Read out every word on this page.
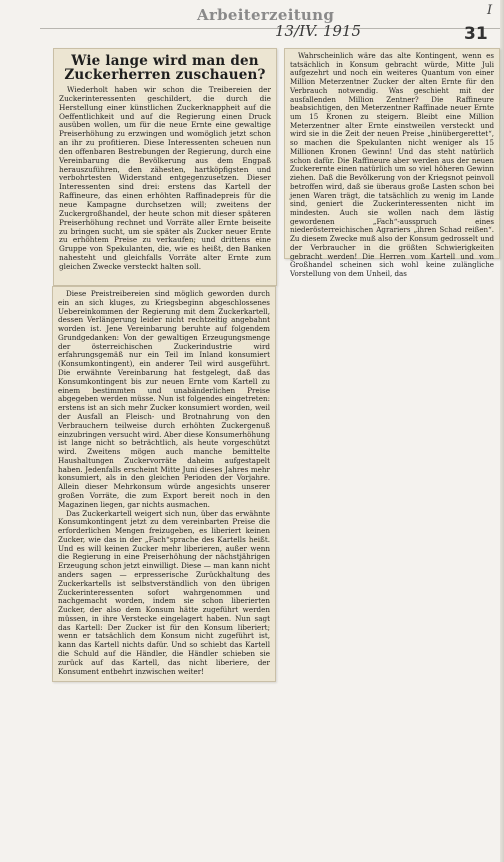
Arbeiterzeitung
13/IV. 1915	31
I
Wie lange wird man den
Zuckerherren zuschauen?

Wiederholt haben wir schon die Treibereien der Zuckerinteressenten geschildert, die durch die Herstellung einer künstlichen Zuckerknappheit auf die Oeffentlichkeit und auf die Regierung einen Druck ausüben wollen, um für die neue Ernte eine gewaltige Preiserhöhung zu erzwingen und womöglich jetzt schon an ihr zu profitieren. Diese Interessenten scheuen nun den offenbaren Bestrebungen der Regierung, durch eine Vereinbarung die Bevölkerung aus dem Engpaß herauszuführen, den zähesten, hartköpfigsten und verbohrtesten Widerstand entgegenzusetzen. Dieser Interessenten sind drei: erstens das Kartell der Raffineure, das einen erhöhten Raffinadepreis für die neue Kampagne durchsetzen will; zweitens der Zuckergroßhandel, der heute schon mit dieser späteren Preiserhöhung rechnet und Vorräte aller Ernte beiseite zu bringen sucht, um sie später als Zucker neuer Ernte zu erhöhtem Preise zu verkaufen; und drittens eine Gruppe von Spekulanten, die, wie es heißt, den Banken nahesteht und gleichfalls Vorräte alter Ernte zum gleichen Zwecke versteckt halten soll.

Wahrscheinlich wäre das alte Kontingent, wenn es tatsächlich in Konsum gebracht würde, Mitte Juli aufgezehrt und noch ein weiteres Quantum von einer Million Meterzentner Zucker der alten Ernte für den Verbrauch notwendig. Was geschieht mit der ausfallenden Million Zentner? Die Raffineure beabsichtigen, den Meterzentner Raffinade neuer Ernte um 15 Kronen zu steigern. Bleibt eine Million Meterzentner alter Ernte einstweilen versteckt und wird sie in die Zeit der neuen Preise „hinübergerettet“, so machen die Spekulanten nicht weniger als 15 Millionen Kronen Gewinn! Und das steht natürlich schon dafür. Die Raffineure aber werden aus der neuen Zuckerernte einen natürlich um so viel höheren Gewinn ziehen. Daß die Bevölkerung von der Kriegsnot peinvoll betroffen wird, daß sie überaus große Lasten schon bei jenen Waren trägt, die tatsächlich zu wenig im Lande sind, geniert die Zuckerinteressenten nicht im mindesten. Auch sie wollen nach dem lästig gewordenen „Fach“-ausspruch eines niederösterreichischen Agrariers „ihren Schad reißen“. Zu diesem Zwecke muß also der Konsum gedrosselt und der Verbraucher in die größten Schwierigkeiten gebracht werden! Die Herren vom Kartell und vom Großhandel scheinen sich wohl keine zulängliche Vorstellung von dem Unheil, das

Diese Preistreibereien sind möglich geworden durch ein an sich kluges, zu Kriegsbeginn abgeschlossenes Uebereinkommen der Regierung mit dem Zuckerkartell, dessen Verlängerung leider nicht rechtzeitig angebahnt worden ist. Jene Vereinbarung beruhte auf folgendem Grundgedanken: Von der gewaltigen Erzeugungsmenge der österreichischen Zuckerindustrie wird erfahrungsgemäß nur ein Teil im Inland konsumiert (Konsumkontingent), ein anderer Teil wird ausgeführt. Die erwähnte Vereinbarung hat festgelegt, daß das Konsumkontingent bis zur neuen Ernte vom Kartell zu einem bestimmten und unabänderlichen Preise abgegeben werden müsse. Nun ist folgendes eingetreten: erstens ist an sich mehr Zucker konsumiert worden, weil der Ausfall an Fleisch- und Brotnahrung von den Verbrauchern teilweise durch erhöhten Zuckergenuß einzubringen versucht wird. Aber diese Konsumerhöhung ist lange nicht so beträchtlich, als heute vorgeschützt wird. Zweitens mögen auch manche bemittelte Haushaltungen Zuckervorräte daheim aufgestapelt haben. Jedenfalls erscheint Mitte Juni dieses Jahres mehr konsumiert, als in den gleichen Perioden der Vorjahre. Allein dieser Mehrkonsum würde angesichts unserer großen Vorräte, die zum Export bereit noch in den Magazinen liegen, gar nichts ausmachen.

Das Zuckerkartell weigert sich nun, über das erwähnte Konsumkontingent jetzt zu dem vereinbarten Preise die erforderlichen Mengen freizugeben, es liberiert keinen Zucker, wie das in der „Fach“sprache des Kartells heißt. Und es will keinen Zucker mehr liberieren, außer wenn die Regierung in eine Preiserhöhung der nächstjährigen Erzeugung schon jetzt einwilligt. Diese — man kann nicht anders sagen — erpresserische Zurückhaltung des Zuckerkartells ist selbstverständlich von den übrigen Zuckerinteressenten sofort wahrgenommen und nachgemacht worden, indem sie schon liberierten Zucker, der also dem Konsum hätte zugeführt werden müssen, in ihre Verstecke eingelagert haben. Nun sagt das Kartell: Der Zucker ist für den Konsum liberiert; wenn er tatsächlich dem Konsum nicht zugeführt ist, kann das Kartell nichts dafür. Und so schiebt das Kartell die Schuld auf die Händler, die Händler schieben sie zurück auf das Kartell, das nicht liberiere, der Konsument entbehrt inzwischen weiter!
